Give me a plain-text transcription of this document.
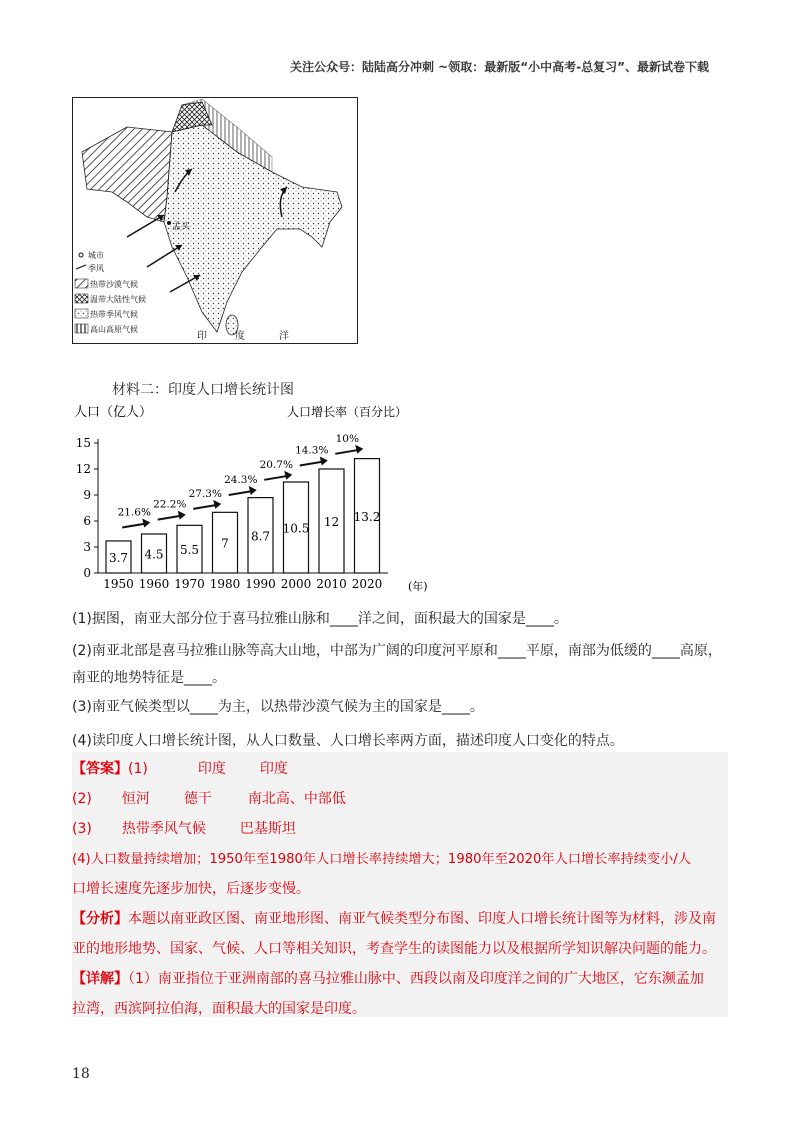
关注公众号：陆陆高分冲刺 ~领取：最新版“小中高考-总复习”、最新试卷下载
孟买
印	度	洋
城市
季风
热带沙漠气候
温带大陆性气候
热带季风气候
高山高原气候
材料二：印度人口增长统计图
人口（亿人）	人口增长率（百分比）
(年)
0
3
6
9
12
15
3.7
1950
4.5
1960
5.5
1970
7
1980
8.7
1990
10.5
2000
12
2010
13.2
2020
21.6%
22.2%
27.3%
24.3%
20.7%
14.3%
10%
(1)据图，南亚大部分位于喜马拉雅山脉和____洋之间，面积最大的国家是____。
(2)南亚北部是喜马拉雅山脉等高大山地，中部为广阔的印度河平原和____平原，南部为低缓的____高原，
南亚的地势特征是____。
(3)南亚气候类型以____为主，以热带沙漠气候为主的国家是____。
(4)读印度人口增长统计图，从人口数量、人口增长率两方面，描述印度人口变化的特点。
【答案】(1)	印度 印度
(2) 恒河 德干	南北高、中部低
(3) 热带季风气候 巴基斯坦
(4)人口数量持续增加；1950年至1980年人口增长率持续增大；1980年至2020年人口增长率持续变小/人
口增长速度先逐步加快，后逐步变慢。
【分析】本题以南亚政区图、南亚地形图、南亚气候类型分布图、印度人口增长统计图等为材料，涉及南
亚的地形地势、国家、气候、人口等相关知识，考查学生的读图能力以及根据所学知识解决问题的能力。
【详解】（1）南亚指位于亚洲南部的喜马拉雅山脉中、西段以南及印度洋之间的广大地区，它东濒孟加
拉湾，西滨阿拉伯海，面积最大的国家是印度。
18
